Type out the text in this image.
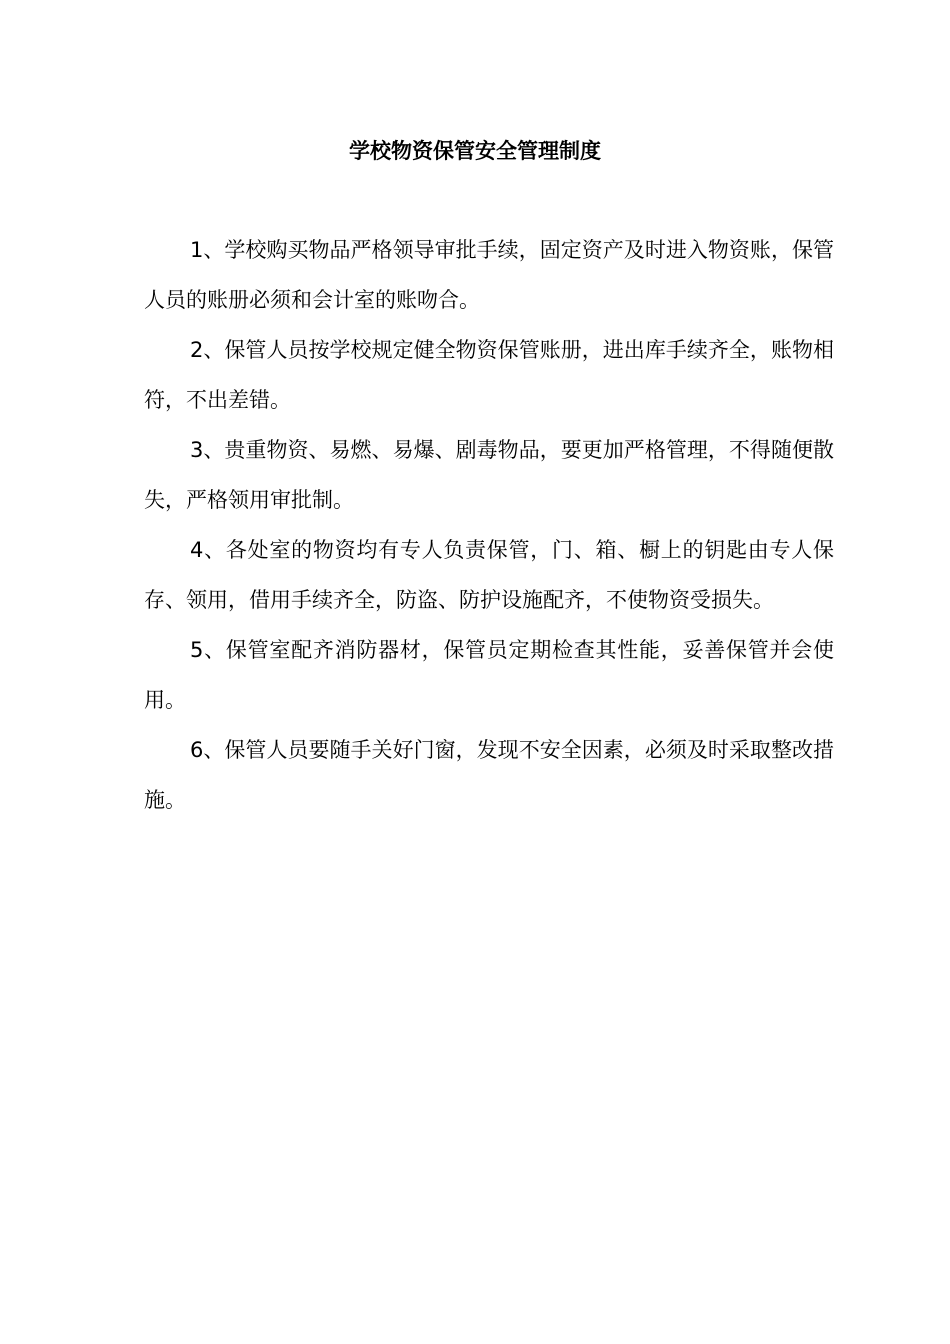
学校物资保管安全管理制度

1、学校购买物品严格领导审批手续，固定资产及时进入物资账，保管人员的账册必须和会计室的账吻合。

2、保管人员按学校规定健全物资保管账册，进出库手续齐全，账物相符，不出差错。

3、贵重物资、易燃、易爆、剧毒物品，要更加严格管理，不得随便散失，严格领用审批制。

4、各处室的物资均有专人负责保管，门、箱、橱上的钥匙由专人保存、领用，借用手续齐全，防盗、防护设施配齐，不使物资受损失。

5、保管室配齐消防器材，保管员定期检查其性能，妥善保管并会使用。

6、保管人员要随手关好门窗，发现不安全因素，必须及时采取整改措施。
